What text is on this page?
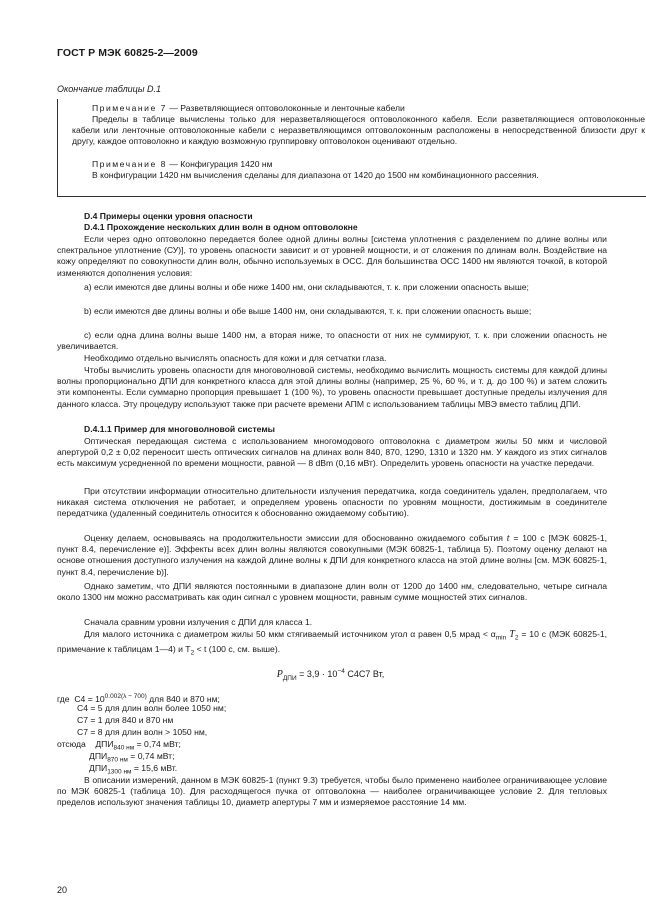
ГОСТ Р МЭК 60825-2—2009
Окончание таблицы D.1

Примечание 7 — Разветвляющиеся оптоволоконные и ленточные кабели

Пределы в таблице вычислены только для неразветвляющегося оптоволоконного кабеля. Если разветвляющиеся оптоволоконные кабели или ленточные оптоволоконные кабели с неразветвляющимся оптоволоконным расположены в непосредственной близости друг к другу, каждое оптоволокно и каждую возможную группировку оптоволокон оценивают отдельно.

Примечание 8 — Конфигурация 1420 нм

В конфигурации 1420 нм вычисления сделаны для диапазона от 1420 до 1500 нм комбинационного рассеяния.

D.4 Примеры оценки уровня опасности

D.4.1 Прохождение нескольких длин волн в одном оптоволокне

Если через одно оптоволокно передается более одной длины волны [система уплотнения с разделением по длине волны или спектральное уплотнение (СУ)], то уровень опасности зависит и от уровней мощности, и от сложения по длинам волн. Воздействие на кожу определяют по совокупности длин волн, обычно используемых в ОСС. Для большинства ОСС 1400 нм являются точкой, в которой изменяются дополнения условия:

а) если имеются две длины волны и обе ниже 1400 нм, они складываются, т. к. при сложении опасность выше;

b) если имеются две длины волны и обе выше 1400 нм, они складываются, т. к. при сложении опасность выше;

с) если одна длина волны выше 1400 нм, а вторая ниже, то опасности от них не суммируют, т. к. при сложении опасность не увеличивается.

Необходимо отдельно вычислять опасность для кожи и для сетчатки глаза.

Чтобы вычислить уровень опасности для многоволновой системы, необходимо вычислить мощность системы для каждой длины волны пропорционально ДПИ для конкретного класса для этой длины волны (например, 25 %, 60 %, и т. д. до 100 %) и затем сложить эти компоненты. Если суммарно пропорция превышает 1 (100 %), то уровень опасности превышает доступные пределы излучения для данного класса. Эту процедуру используют также при расчете времени АПМ с использованием таблицы МВЭ вместо таблиц ДПИ.

D.4.1.1 Пример для многоволновой системы

Оптическая передающая система с использованием многомодового оптоволокна с диаметром жилы 50 мкм и числовой апертурой 0,2 ± 0,02 переносит шесть оптических сигналов на длинах волн 840, 870, 1290, 1310 и 1320 нм. У каждого из этих сигналов есть максимум усредненной по времени мощности, равной — 8 dBm (0,16 мВт). Определить уровень опасности на участке передачи.

При отсутствии информации относительно длительности излучения передатчика, когда соединитель удален, предполагаем, что никакая система отключения не работает, и определяем уровень опасности по уровням мощности, достижимым в соединителе передатчика (удаленный соединитель относится к обоснованно ожидаемому событию).

Оценку делаем, основываясь на продолжительности эмиссии для обоснованно ожидаемого события t = 100 с [МЭК 60825-1, пункт 8.4, перечисление е)]. Эффекты всех длин волны являются совокупными (МЭК 60825-1, таблица 5). Поэтому оценку делают на основе отношения доступного излучения на каждой длине волны к ДПИ для конкретного класса на этой длине волны [см. МЭК 60825-1, пункт 8.4, перечисление b)].

Однако заметим, что ДПИ являются постоянными в диапазоне длин волн от 1200 до 1400 нм, следовательно, четыре сигнала около 1300 нм можно рассматривать как один сигнал с уровнем мощности, равным сумме мощностей этих сигналов.

Сначала сравним уровни излучения с ДПИ для класса 1.

Для малого источника с диаметром жилы 50 мкм стягиваемый источником угол α равен 0,5 мрад < $\alpha_{min}$ $T_2 = 10$ с (МЭК 60825-1, примечание к таблицам 1—4) и $T_2 < t$ (100 с, см. выше).

$P_{ДПИ} = 3,9 \cdot 10^{-4}$ C4C7 Вт,

где $C4 = 10^{0.002(\lambda - 700)}$ для 840 и 870 нм;

C4 = 5 для длин волн более 1050 нм;

C7 = 1 для 840 и 870 нм

C7 = 8 для длин волн > 1050 нм,

отсюда $ДПИ_{840 нм} = 0,74$ мВт;

$ДПИ_{870 нм} = 0,74$ мВт;

$ДПИ_{1300 нм} = 15,6$ мВт.

В описании измерений, данном в МЭК 60825-1 (пункт 9.3) требуется, чтобы было применено наиболее ограничивающее условие по МЭК 60825-1 (таблица 10). Для расходящегося пучка от оптоволокна — наиболее ограничивающее условие 2. Для тепловых пределов используют значения таблицы 10, диаметр апертуры 7 мм и измеряемое расстояние 14 мм.

20
